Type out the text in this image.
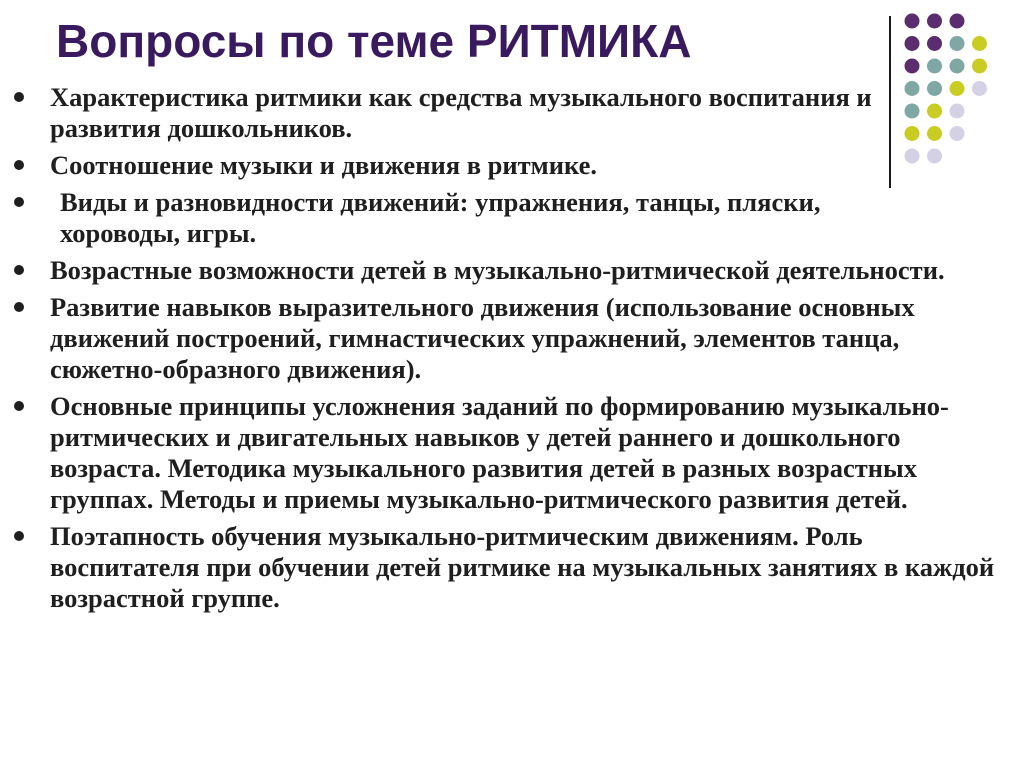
Вопросы по теме РИТМИКА
Характеристика ритмики как средства музыкального воспитания и развития дошкольников.
Соотношение музыки и движения в ритмике.
Виды и разновидности движений: упражнения, танцы, пляски, хороводы, игры.
Возрастные возможности детей в музыкально-ритмической деятельности.
Развитие навыков выразительного движения (использование основных движений построений, гимнастических упражнений, элементов танца, сюжетно-образного движения).
Основные принципы усложнения заданий по формированию музыкально-ритмических и двигательных навыков у детей раннего и дошкольного возраста. Методика музыкального развития детей в разных возрастных группах. Методы и приемы музыкально-ритмического развития детей.
Поэтапность обучения музыкально-ритмическим движениям. Роль воспитателя при обучении детей ритмике на музыкальных занятиях в каждой возрастной группе.
